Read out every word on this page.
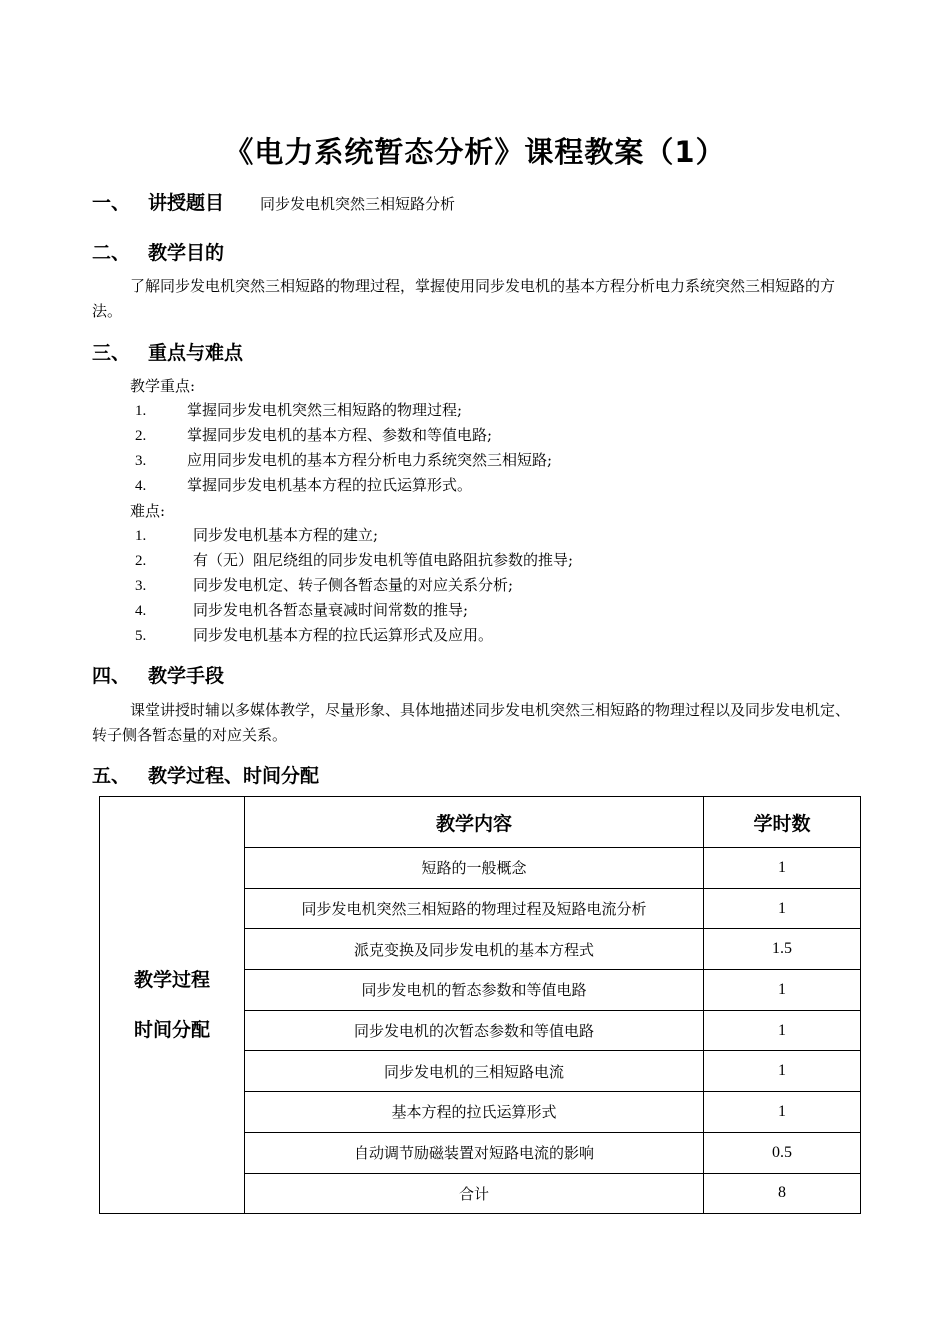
《电力系统暂态分析》课程教案（1）
一、 讲授题目 同步发电机突然三相短路分析
二、 教学目的
了解同步发电机突然三相短路的物理过程，掌握使用同步发电机的基本方程分析电力系统突然三相短路的方法。
三、 重点与难点
教学重点:
1.	掌握同步发电机突然三相短路的物理过程;
2.	掌握同步发电机的基本方程、参数和等值电路;
3.	应用同步发电机的基本方程分析电力系统突然三相短路;
4.	掌握同步发电机基本方程的拉氏运算形式。
难点:
1.	同步发电机基本方程的建立;
2.	有（无）阻尼绕组的同步发电机等值电路阻抗参数的推导;
3.	同步发电机定、转子侧各暂态量的对应关系分析;
4.	同步发电机各暂态量衰减时间常数的推导;
5.	同步发电机基本方程的拉氏运算形式及应用。
四、 教学手段
课堂讲授时辅以多媒体教学，尽量形象、具体地描述同步发电机突然三相短路的物理过程以及同步发电机定、转子侧各暂态量的对应关系。
五、 教学过程、时间分配
教学过程
时间分配	教学内容	学时数
	短路的一般概念	1
	同步发电机突然三相短路的物理过程及短路电流分析	1
	派克变换及同步发电机的基本方程式	1.5
	同步发电机的暂态参数和等值电路	1
	同步发电机的次暂态参数和等值电路	1
	同步发电机的三相短路电流	1
	基本方程的拉氏运算形式	1
	自动调节励磁装置对短路电流的影响	0.5
	合计	8
